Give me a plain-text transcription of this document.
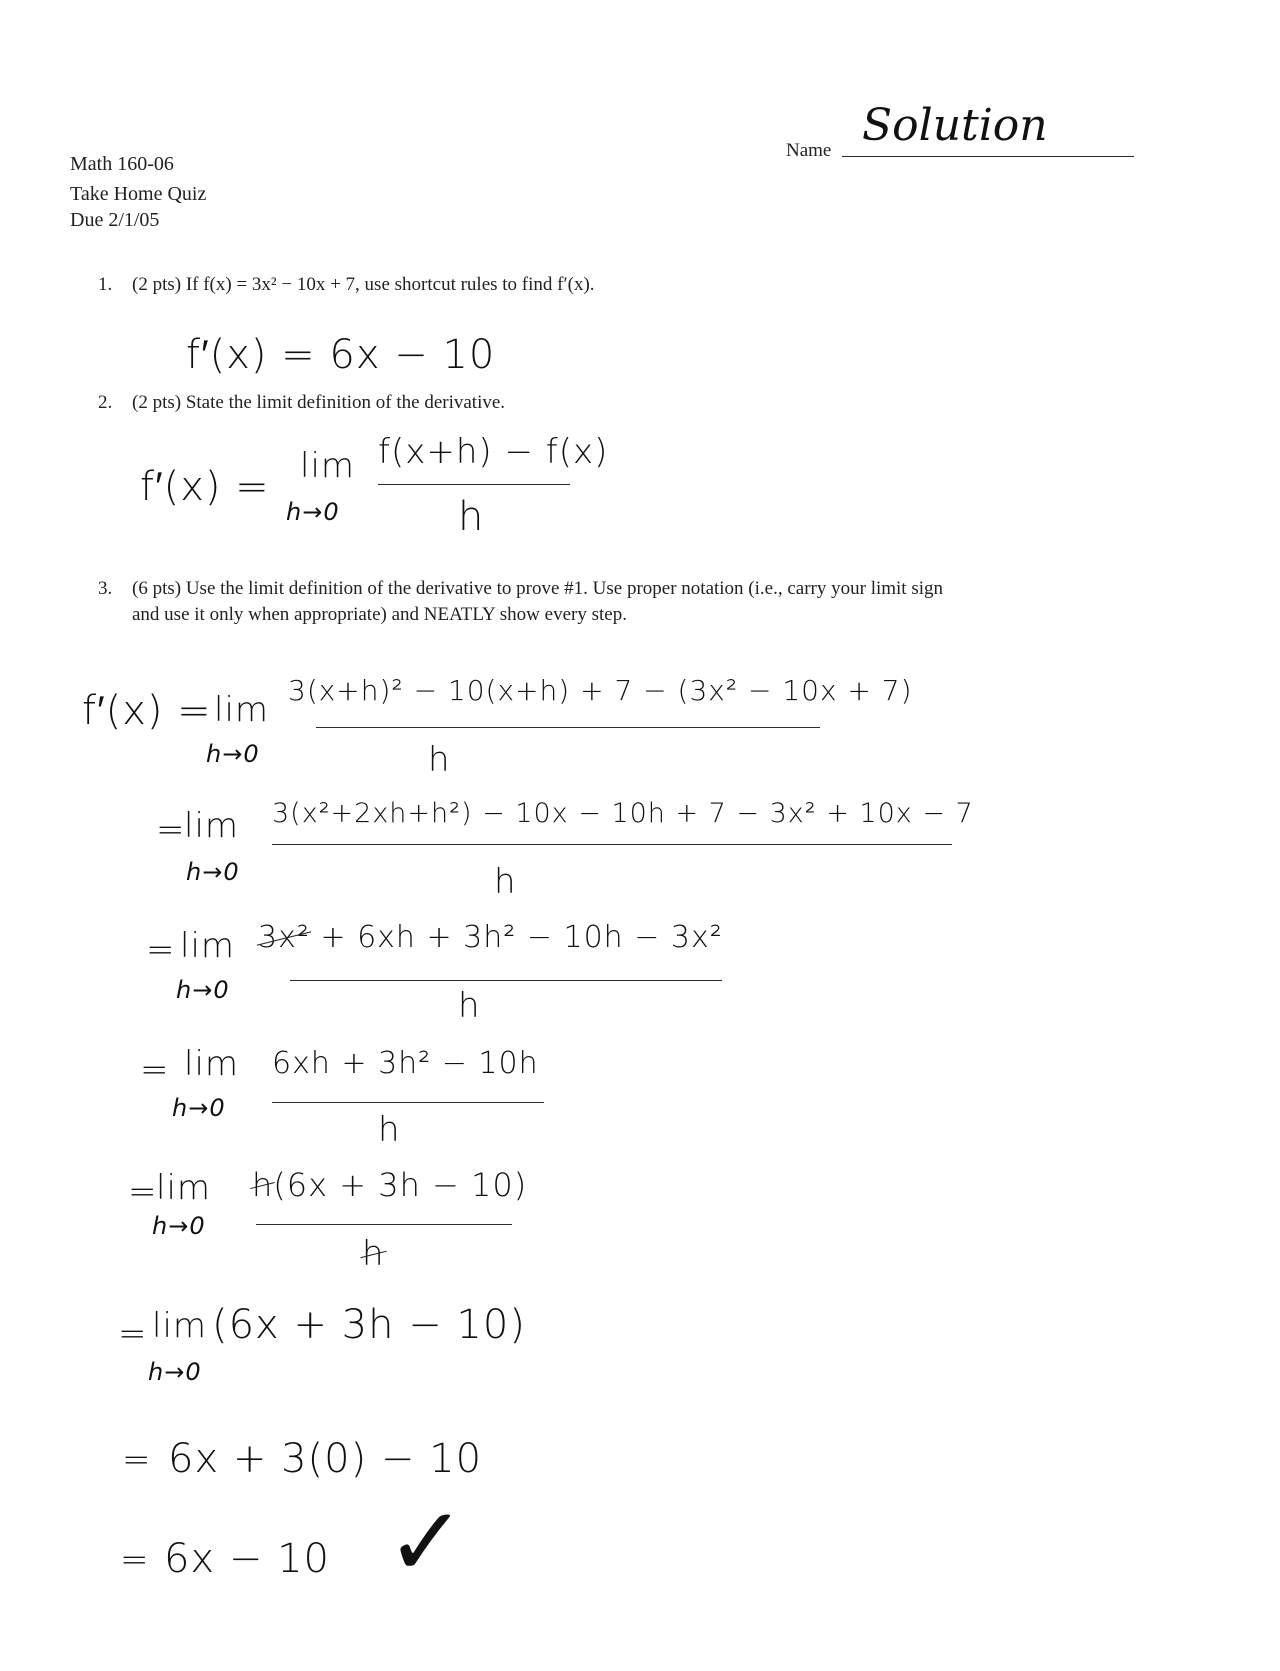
Math 160-06
Take Home Quiz
Due 2/1/05
Name Solution
1. (2 pts) If f(x) = 3x² − 10x + 7, use shortcut rules to find f′(x).
f′(x) = 6x − 10
2. (2 pts) State the limit definition of the derivative.
f′(x) = lim
h→0
f(x+h) − f(x)
h
3. (6 pts) Use the limit definition of the derivative to prove #1. Use proper notation (i.e., carry your limit sign
and use it only when appropriate) and NEATLY show every step.
f′(x) = lim
h→0
3(x+h)² − 10(x+h) + 7 − (3x² − 10x + 7)
h
=
lim
h→0
3(x²+2xh+h²) − 10x − 10h + 7 − 3x² + 10x − 7
h
= lim
h→0
3x² + 6xh + 3h² − 10h − 3x²
h
= lim
h→0
6xh + 3h² − 10h
h
=
lim
h→0
h(6x + 3h − 10)
h
= lim
h→0
(6x + 3h − 10)
= 6x + 3(0) − 10
= 6x − 10 ✓
